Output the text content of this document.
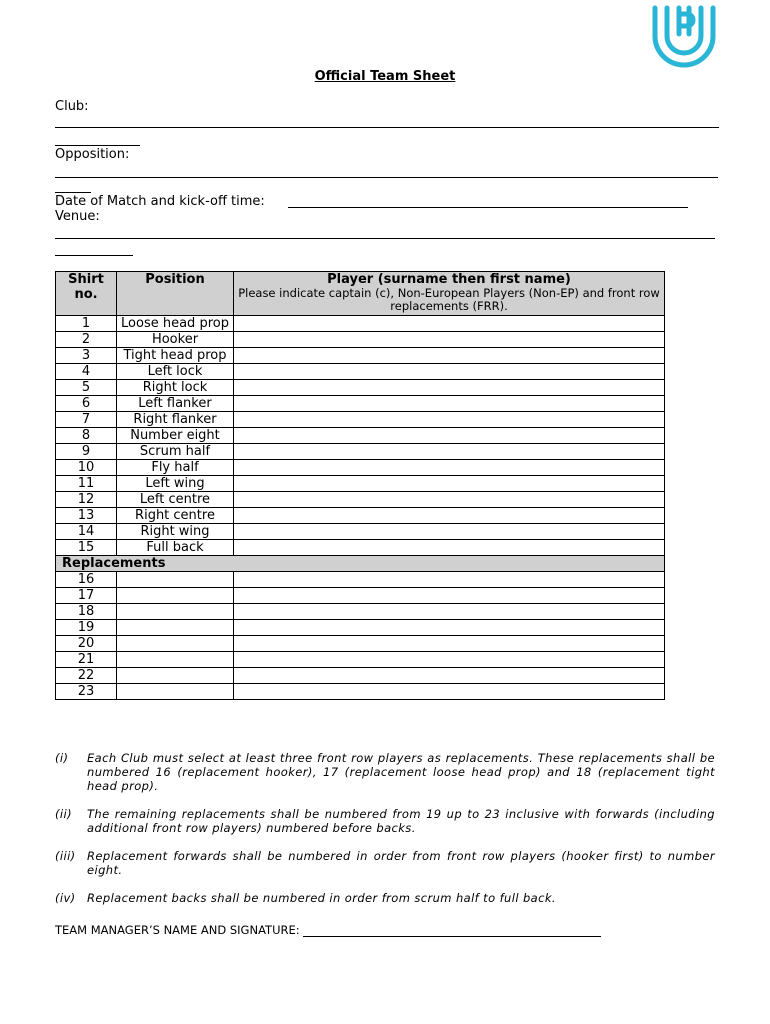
Official Team Sheet
Club:
Opposition:
Date of Match and kick-off time:
Venue:
Shirt no.	Position	Player (surname then first name)
Please indicate captain (c), Non-European Players (Non-EP) and front row replacements (FRR).

1	Loose head prop	
2	Hooker	
3	Tight head prop	
4	Left lock	
5	Right lock	
6	Left flanker	
7	Right flanker	
8	Number eight	
9	Scrum half	
10	Fly half	
11	Left wing	
12	Left centre	
13	Right centre	
14	Right wing	
15	Full back	
Replacements		
16		
17		
18		
19		
20		
21		
22		
23		
(i)	Each Club must select at least three front row players as replacements. These replacements shall be numbered 16 (replacement hooker), 17 (replacement loose head prop) and 18 (replacement tight head prop).
(ii)	The remaining replacements shall be numbered from 19 up to 23 inclusive with forwards (including additional front row players) numbered before backs.
(iii) Replacement forwards shall be numbered in order from front row players (hooker first) to number eight.
(iv) Replacement backs shall be numbered in order from scrum half to full back.
TEAM MANAGER’S NAME AND SIGNATURE:
